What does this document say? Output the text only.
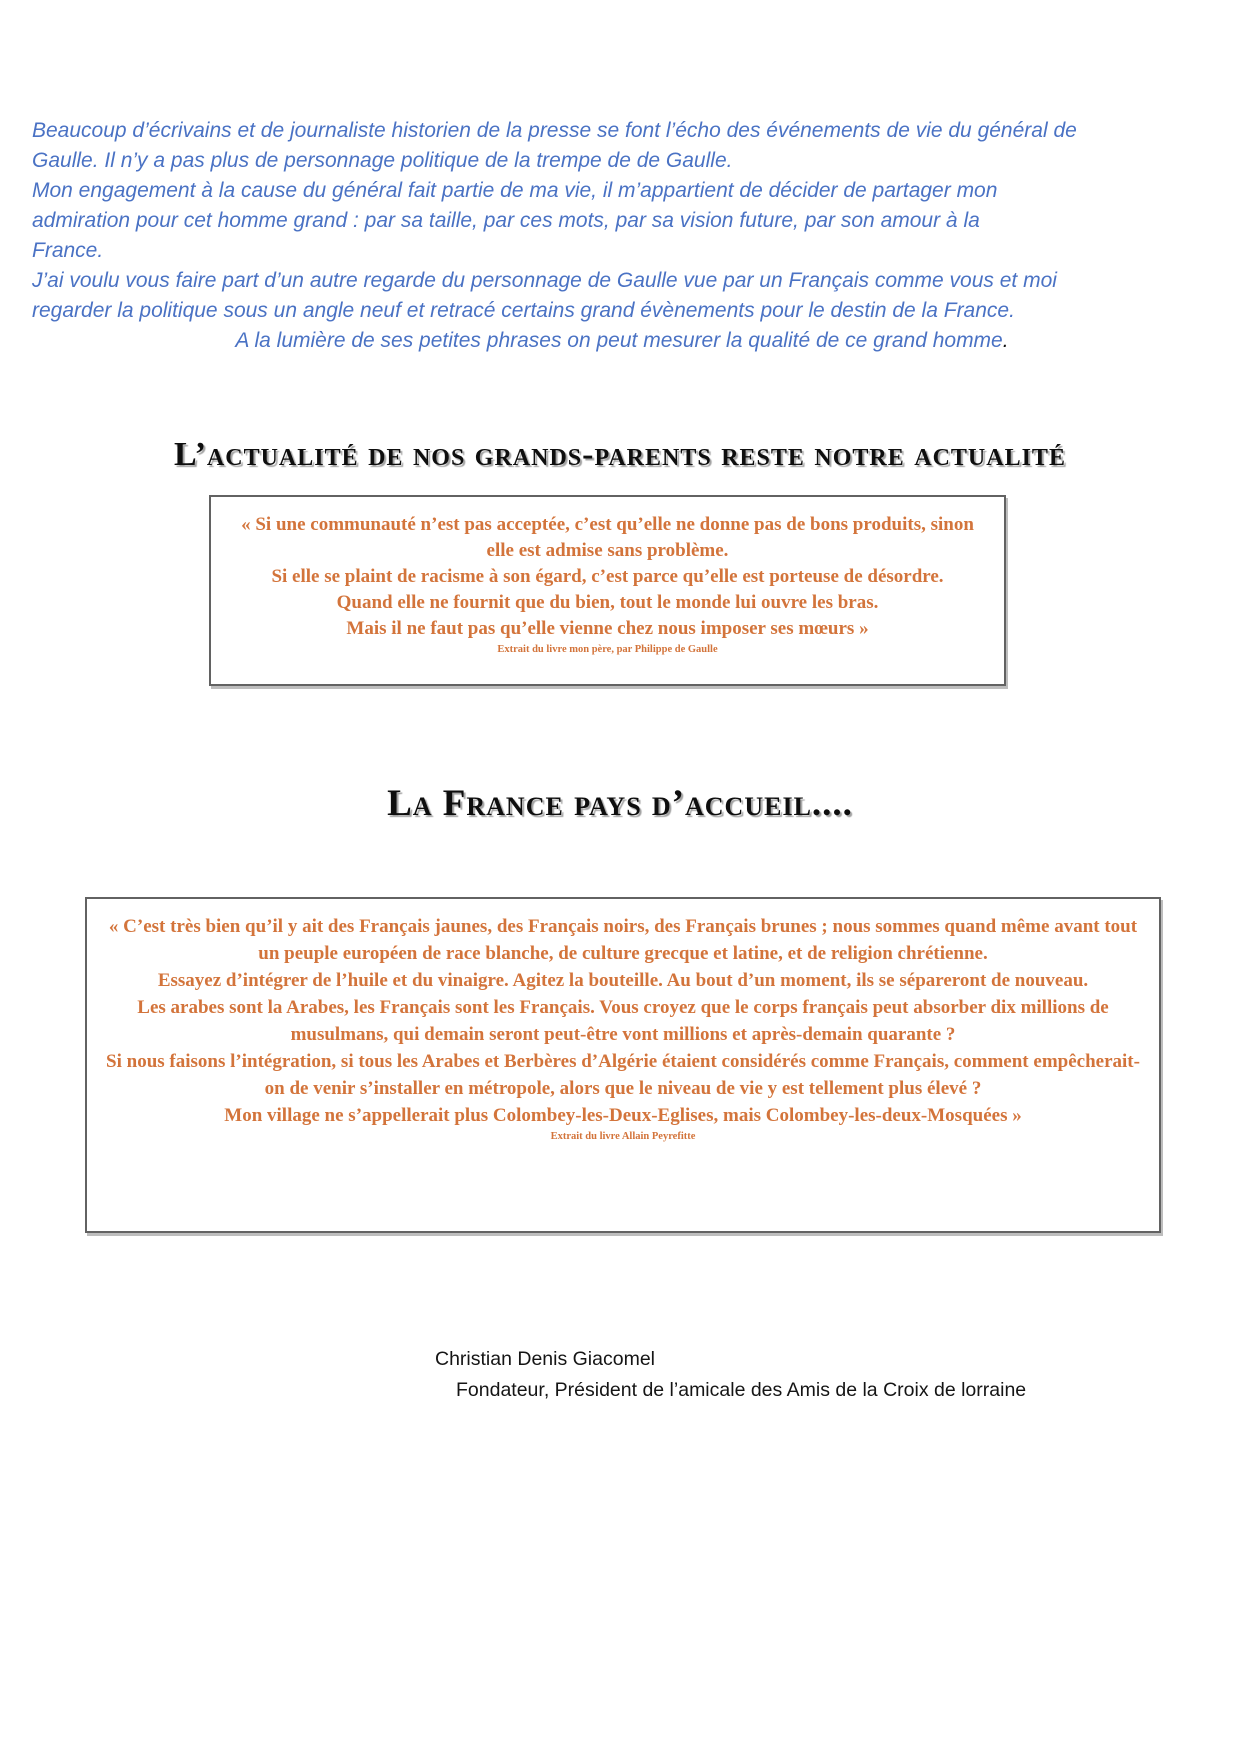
Beaucoup d’écrivains et de journaliste historien de la presse se font l’écho des événements de vie du général de
Gaulle. Il n’y a pas plus de personnage politique de la trempe de de Gaulle.
Mon engagement à la cause du général fait partie de ma vie, il m’appartient de décider de partager mon
admiration pour cet homme grand : par sa taille, par ces mots, par sa vision future, par son amour à la
France.
J’ai voulu vous faire part d’un autre regarde du personnage de Gaulle vue par un Français comme vous et moi
regarder la politique sous un angle neuf et retracé certains grand évènements pour le destin de la France.
A la lumière de ses petites phrases on peut mesurer la qualité de ce grand homme.
L’actualité de nos grands-parents reste notre actualité

« Si une communauté n’est pas acceptée, c’est qu’elle ne donne pas de bons produits, sinon elle est admise sans problème.

Si elle se plaint de racisme à son égard, c’est parce qu’elle est porteuse de désordre.

Quand elle ne fournit que du bien, tout le monde lui ouvre les bras.

Mais il ne faut pas qu’elle vienne chez nous imposer ses mœurs »

Extrait du livre mon père, par Philippe de Gaulle
La France pays d’accueil....

« C’est très bien qu’il y ait des Français jaunes, des Français noirs, des Français brunes ; nous sommes quand même avant tout un peuple européen de race blanche, de culture grecque et latine, et de religion chrétienne.

Essayez d’intégrer de l’huile et du vinaigre. Agitez la bouteille. Au bout d’un moment, ils se sépareront de nouveau.

Les arabes sont la Arabes, les Français sont les Français. Vous croyez que le corps français peut absorber dix millions de musulmans, qui demain seront peut-être vont millions et après-demain quarante ?

Si nous faisons l’intégration, si tous les Arabes et Berbères d’Algérie étaient considérés comme Français, comment empêcherait-on de venir s’installer en métropole, alors que le niveau de vie y est tellement plus élevé ?

Mon village ne s’appellerait plus Colombey-les-Deux-Eglises, mais Colombey-les-deux-Mosquées »

Extrait du livre Allain Peyrefitte
Christian Denis Giacomel
Fondateur, Président de l’amicale des Amis de la Croix de lorraine
